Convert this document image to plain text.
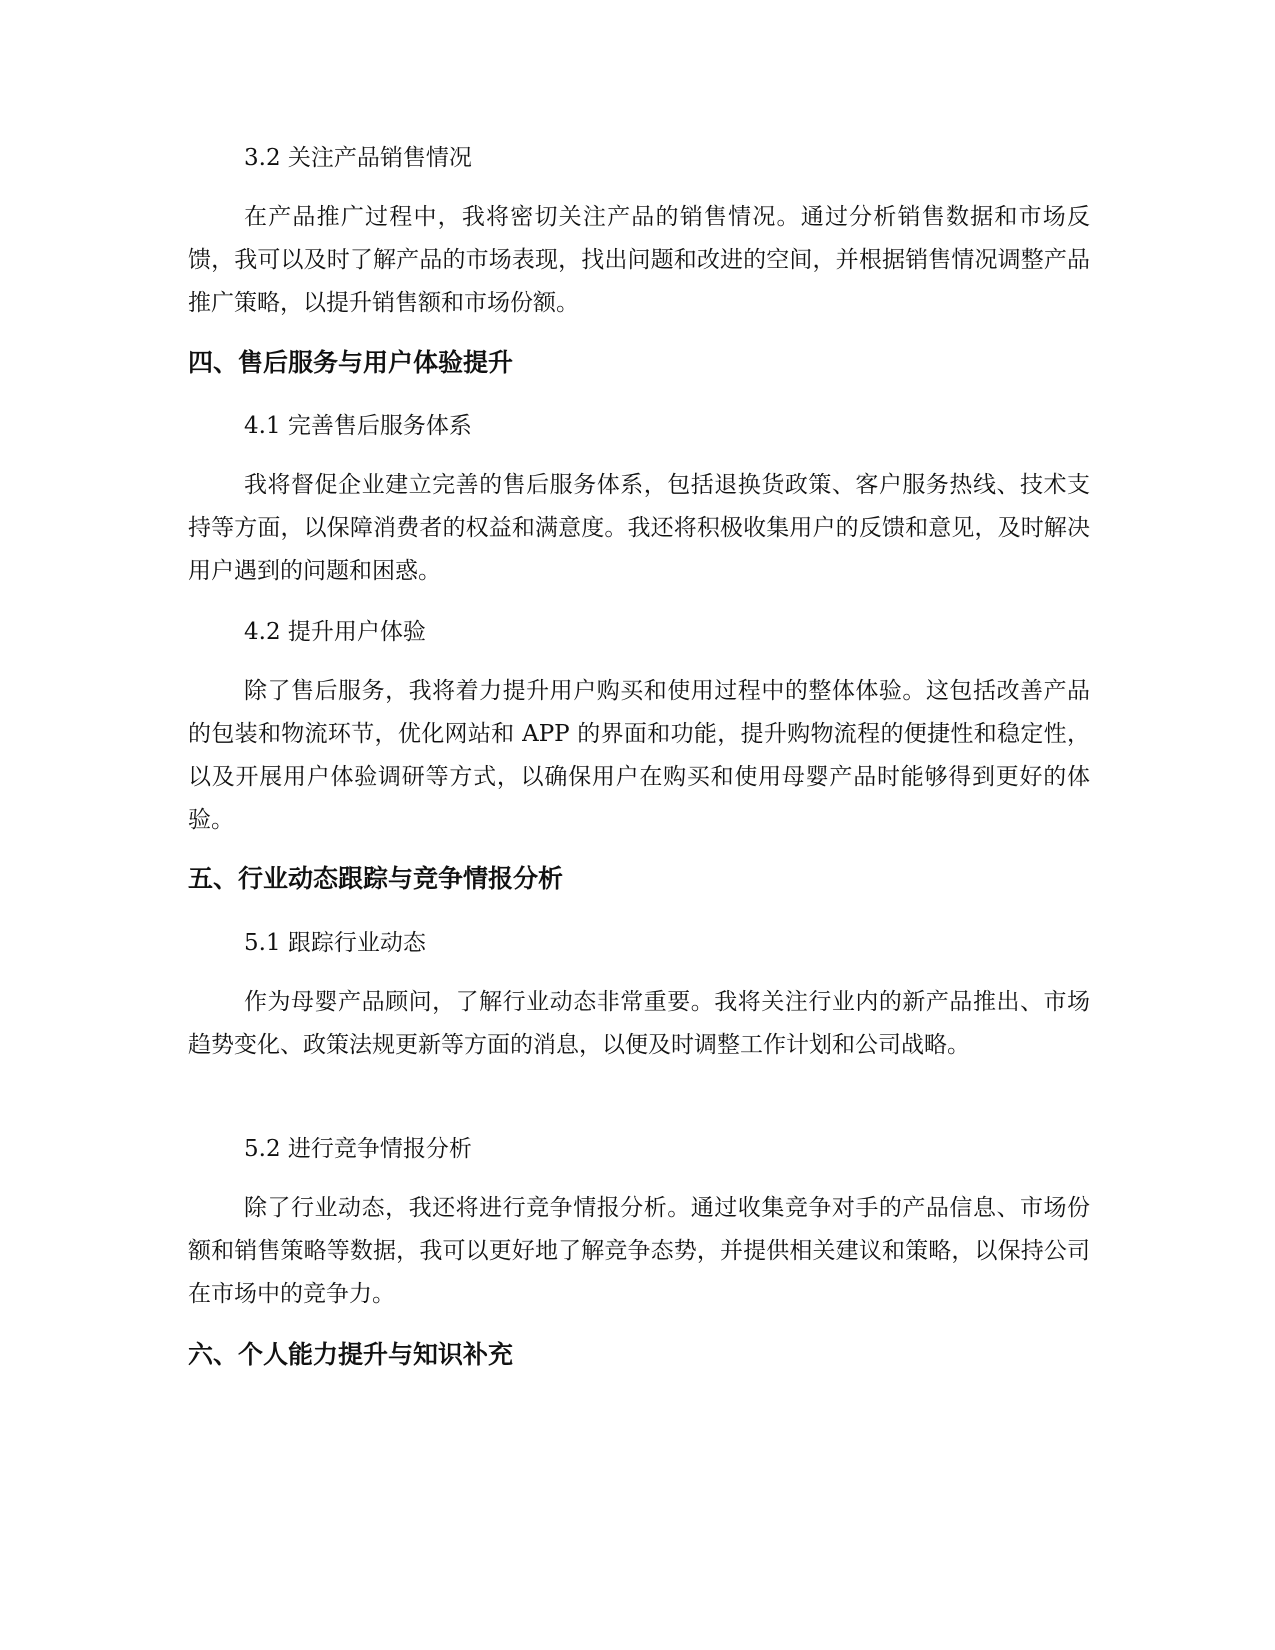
3.2 关注产品销售情况

在产品推广过程中，我将密切关注产品的销售情况。通过分析销售数据和市场反馈，我可以及时了解产品的市场表现，找出问题和改进的空间，并根据销售情况调整产品推广策略，以提升销售额和市场份额。

四、售后服务与用户体验提升
4.1 完善售后服务体系

我将督促企业建立完善的售后服务体系，包括退换货政策、客户服务热线、技术支持等方面，以保障消费者的权益和满意度。我还将积极收集用户的反馈和意见，及时解决用户遇到的问题和困惑。

4.2 提升用户体验

除了售后服务，我将着力提升用户购买和使用过程中的整体体验。这包括改善产品的包装和物流环节，优化网站和 APP 的界面和功能，提升购物流程的便捷性和稳定性，以及开展用户体验调研等方式，以确保用户在购买和使用母婴产品时能够得到更好的体验。

五、行业动态跟踪与竞争情报分析
5.1 跟踪行业动态

作为母婴产品顾问，了解行业动态非常重要。我将关注行业内的新产品推出、市场趋势变化、政策法规更新等方面的消息，以便及时调整工作计划和公司战略。

5.2 进行竞争情报分析

除了行业动态，我还将进行竞争情报分析。通过收集竞争对手的产品信息、市场份额和销售策略等数据，我可以更好地了解竞争态势，并提供相关建议和策略，以保持公司在市场中的竞争力。

六、个人能力提升与知识补充
